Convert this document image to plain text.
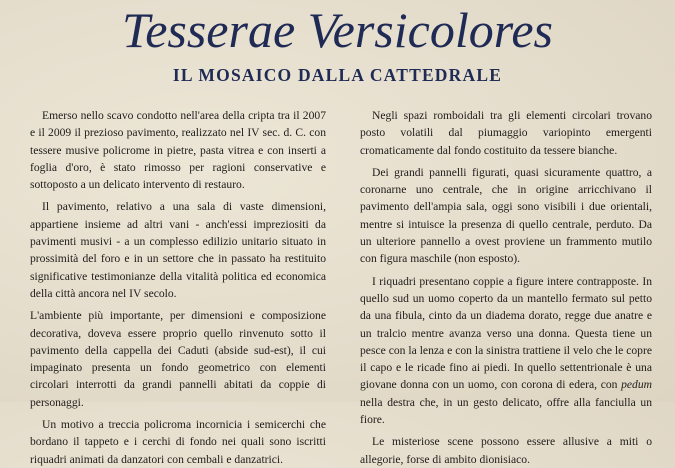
Tesserae Versicolores
IL MOSAICO DALLA CATTEDRALE

Emerso nello scavo condotto nell'area della cripta tra il 2007 e il 2009 il prezioso pavimento, realizzato nel IV sec. d. C. con tessere musive policrome in pietre, pasta vitrea e con inserti a foglia d'oro, è stato rimosso per ragioni conservative e sottoposto a un delicato intervento di restauro.

Il pavimento, relativo a una sala di vaste dimensioni, appartiene insieme ad altri vani - anch'essi impreziositi da pavimenti musivi - a un complesso edilizio unitario situato in prossimità del foro e in un settore che in passato ha restituito significative testimonianze della vitalità politica ed economica della città ancora nel IV secolo.

L'ambiente più importante, per dimensioni e composizione decorativa, doveva essere proprio quello rinvenuto sotto il pavimento della cappella dei Caduti (abside sud-est), il cui impaginato presenta un fondo geometrico con elementi circolari interrotti da grandi pannelli abitati da coppie di personaggi.

Un motivo a treccia policroma incornicia i semicerchi che bordano il tappeto e i cerchi di fondo nei quali sono iscritti riquadri animati da danzatori con cembali e danzatrici.

Negli spazi romboidali tra gli elementi circolari trovano posto volatili dal piumaggio variopinto emergenti cromaticamente dal fondo costituito da tessere bianche.

Dei grandi pannelli figurati, quasi sicuramente quattro, a coronarne uno centrale, che in origine arricchivano il pavimento dell'ampia sala, oggi sono visibili i due orientali, mentre si intuisce la presenza di quello centrale, perduto. Da un ulteriore pannello a ovest proviene un frammento mutilo con figura maschile (non esposto).

I riquadri presentano coppie a figure intere contrapposte. In quello sud un uomo coperto da un mantello fermato sul petto da una fibula, cinto da un diadema dorato, regge due anatre e un tralcio mentre avanza verso una donna. Questa tiene un pesce con la lenza e con la sinistra trattiene il velo che le copre il capo e le ricade fino ai piedi. In quello settentrionale è una giovane donna con un uomo, con corona di edera, con pedum nella destra che, in un gesto delicato, offre alla fanciulla un fiore.

Le misteriose scene possono essere allusive a miti o allegorie, forse di ambito dionisiaco.
